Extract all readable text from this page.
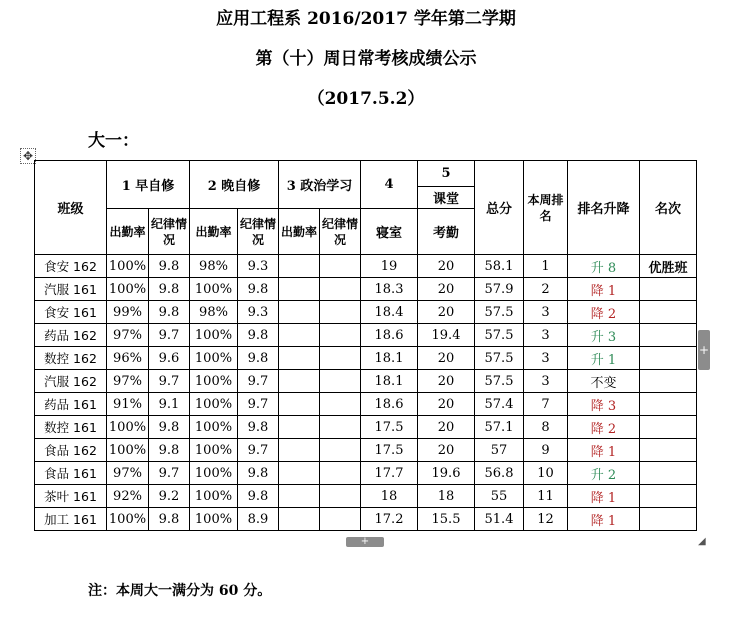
应用工程系 2016/2017 学年第二学期
第（十）周日常考核成绩公示
（2017.5.2）
大一：
✥
班级	1 早自修		2 晚自修		3 政治学习		4	5	总分	本周排名	排名升降	名次
								课堂				
	出勤率	纪律情况	出勤率	纪律情况	出勤率	纪律情况	寝室	考勤				
食安 162	100%	9.8	98%	9.3			19	20	58.1	1	升 8	优胜班
汽服 161	100%	9.8	100%	9.8			18.3	20	57.9	2	降 1	
食安 161	99%	9.8	98%	9.3			18.4	20	57.5	3	降 2	
药品 162	97%	9.7	100%	9.8			18.6	19.4	57.5	3	升 3	
数控 162	96%	9.6	100%	9.8			18.1	20	57.5	3	升 1	
汽服 162	97%	9.7	100%	9.7			18.1	20	57.5	3	不变	
药品 161	91%	9.1	100%	9.7			18.6	20	57.4	7	降 3	
数控 161	100%	9.8	100%	9.8			17.5	20	57.1	8	降 2	
食品 162	100%	9.8	100%	9.7			17.5	20	57	9	降 1	
食品 161	97%	9.7	100%	9.8			17.7	19.6	56.8	10	升 2	
茶叶 161	92%	9.2	100%	9.8			18	18	55	11	降 1	
加工 161	100%	9.8	100%	8.9			17.2	15.5	51.4	12	降 1	
+
+	◢
注：本周大一满分为 60 分。
